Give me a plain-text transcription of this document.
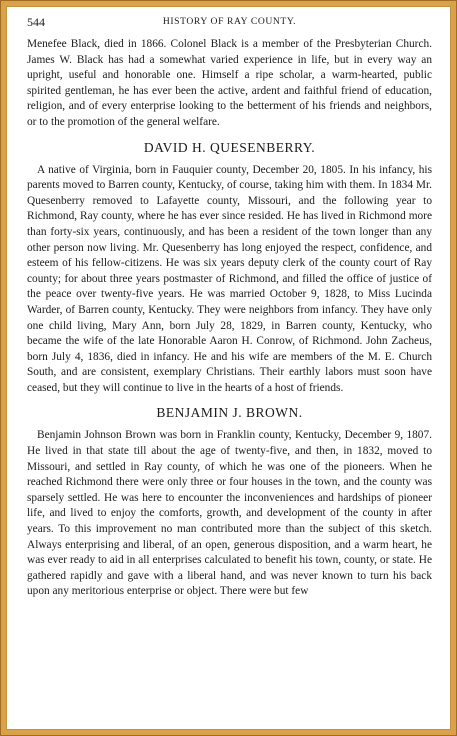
544	HISTORY OF RAY COUNTY.

Menefee Black, died in 1866. Colonel Black is a member of the Presbyterian Church. James W. Black has had a somewhat varied experience in life, but in every way an upright, useful and honorable one. Himself a ripe scholar, a warm-hearted, public spirited gentleman, he has ever been the active, ardent and faithful friend of education, religion, and of every enterprise looking to the betterment of his friends and neighbors, or to the promotion of the general welfare.

DAVID H. QUESENBERRY.

A native of Virginia, born in Fauquier county, December 20, 1805. In his infancy, his parents moved to Barren county, Kentucky, of course, taking him with them. In 1834 Mr. Quesenberry removed to Lafayette county, Missouri, and the following year to Richmond, Ray county, where he has ever since resided. He has lived in Richmond more than forty-six years, continuously, and has been a resident of the town longer than any other person now living. Mr. Quesenberry has long enjoyed the respect, confidence, and esteem of his fellow-citizens. He was six years deputy clerk of the county court of Ray county; for about three years postmaster of Richmond, and filled the office of justice of the peace over twenty-five years. He was married October 9, 1828, to Miss Lucinda Warder, of Barren county, Kentucky. They were neighbors from infancy. They have only one child living, Mary Ann, born July 28, 1829, in Barren county, Kentucky, who became the wife of the late Honorable Aaron H. Conrow, of Richmond. John Zacheus, born July 4, 1836, died in infancy. He and his wife are members of the M. E. Church South, and are consistent, exemplary Christians. Their earthly labors must soon have ceased, but they will continue to live in the hearts of a host of friends.

BENJAMIN J. BROWN.

Benjamin Johnson Brown was born in Franklin county, Kentucky, December 9, 1807. He lived in that state till about the age of twenty-five, and then, in 1832, moved to Missouri, and settled in Ray county, of which he was one of the pioneers. When he reached Richmond there were only three or four houses in the town, and the county was sparsely settled. He was here to encounter the inconveniences and hardships of pioneer life, and lived to enjoy the comforts, growth, and development of the county in after years. To this improvement no man contributed more than the subject of this sketch. Always enterprising and liberal, of an open, generous disposition, and a warm heart, he was ever ready to aid in all enterprises calculated to benefit his town, county, or state. He gathered rapidly and gave with a liberal hand, and was never known to turn his back upon any meritorious enterprise or object. There were but few
